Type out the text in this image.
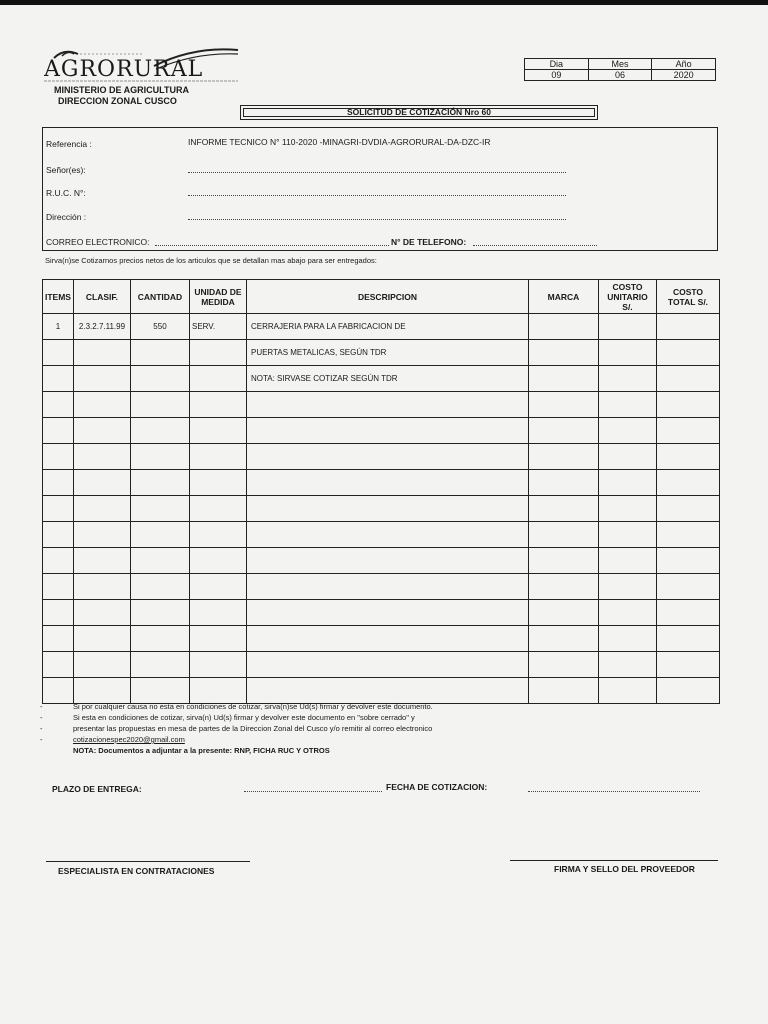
AGRORURAL
MINISTERIO DE AGRICULTURA
DIRECCION ZONAL CUSCO
Dia	Mes	Año
09	06	2020
SOLICITUD DE COTIZACIÓN Nro 60
Referencia :	INFORME TECNICO N° 110-2020 -MINAGRI-DVDIA-AGRORURAL-DA-DZC-IR
Señor(es):
R.U.C. N°:
Dirección :
CORREO ELECTRONICO:	N° DE TELEFONO:
Sirva(n)se Cotizarnos precios netos de los articulos que se detallan mas abajo para ser entregados:
ITEMS	CLASIF.	CANTIDAD	UNIDAD DE MEDIDA	DESCRIPCION	MARCA	COSTO UNITARIO S/.	COSTO TOTAL S/.
1	2.3.2.7.11.99	550	SERV.	CERRAJERIA PARA LA FABRICACION DE			
				PUERTAS METALICAS, SEGÚN TDR			
				NOTA: SIRVASE COTIZAR SEGÚN TDR			

-	Si por cualquier causa no esta en condiciones de cotizar, sirva(n)se Ud(s) firmar y devolver este documento.
-	Si esta en condiciones de cotizar, sirva(n) Ud(s) firmar y devolver este documento en "sobre cerrado" y
-	presentar las propuestas en mesa de partes de la Direccion Zonal del Cusco y/o remitir al correo electronico
-	cotizacionespec2020@gmail.com
NOTA: Documentos a adjuntar a la presente: RNP, FICHA RUC Y OTROS
PLAZO DE ENTREGA:	FECHA DE COTIZACION:
ESPECIALISTA EN CONTRATACIONES	FIRMA Y SELLO DEL PROVEEDOR
